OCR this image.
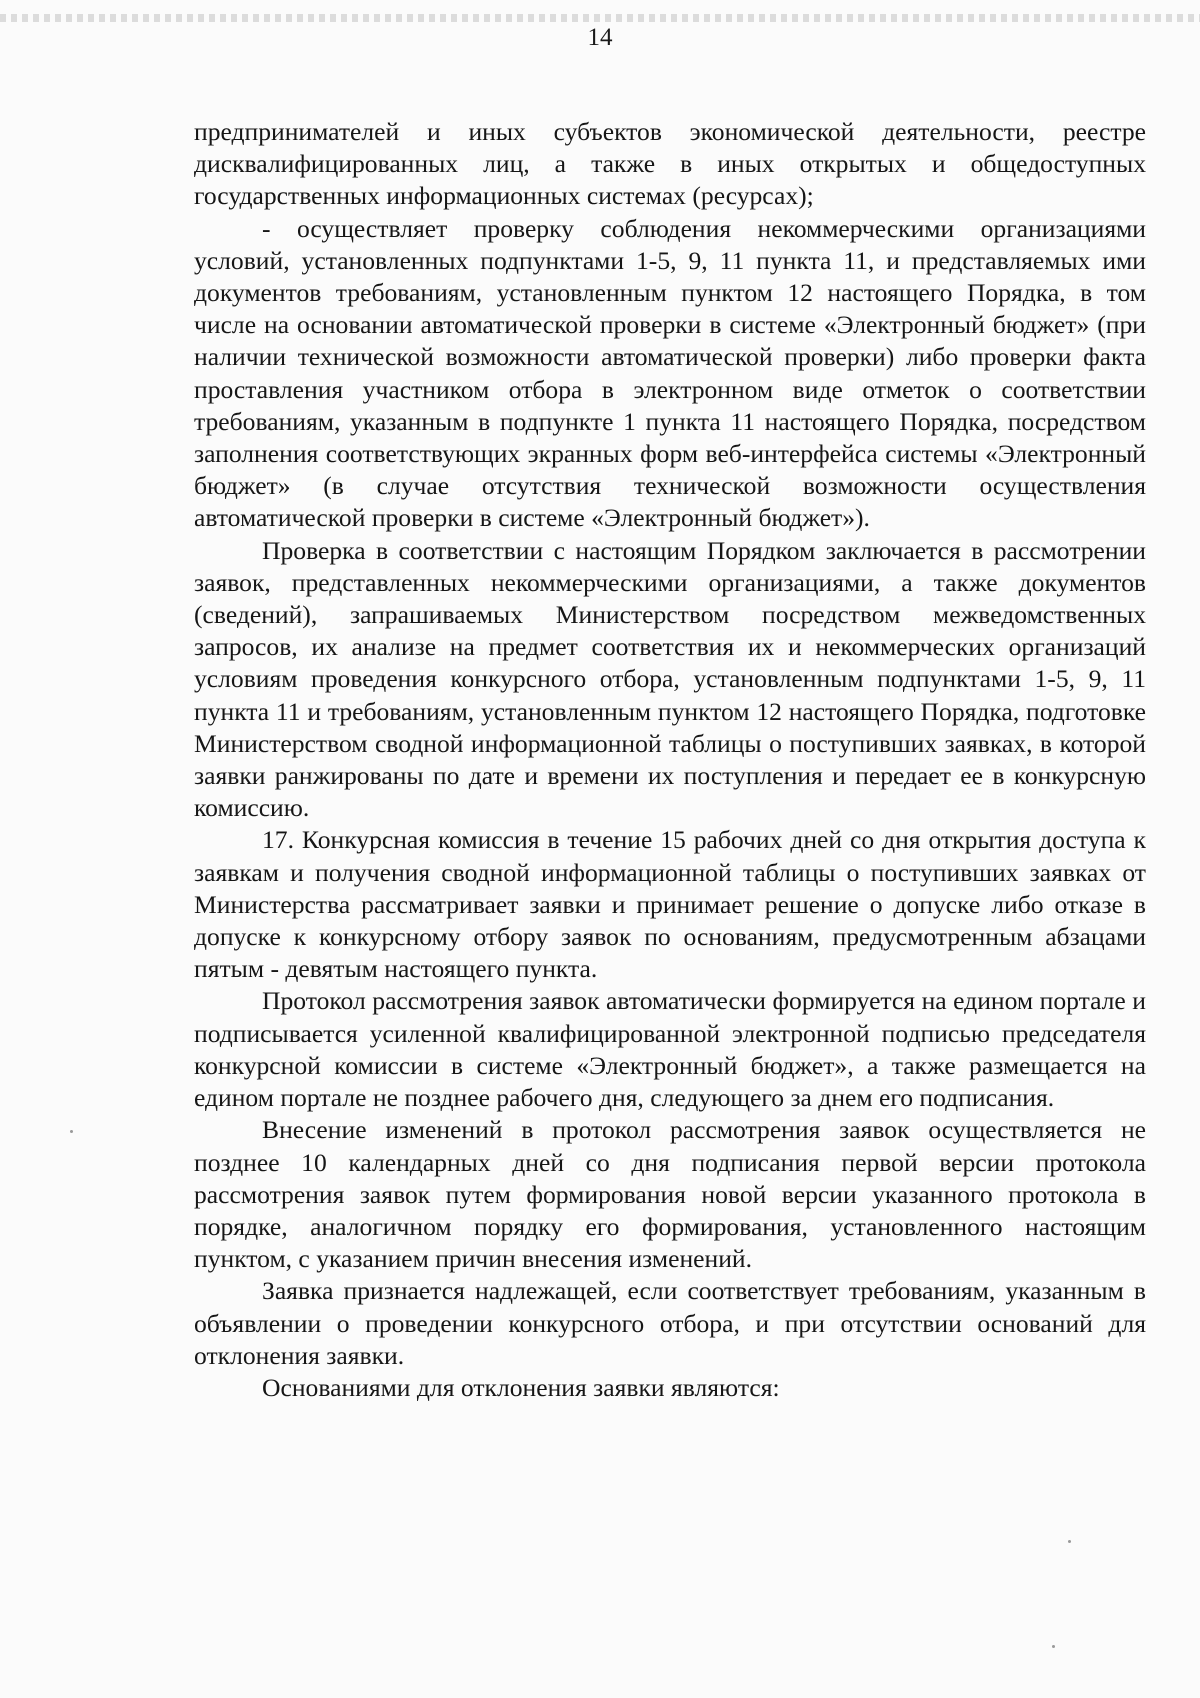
14

предпринимателей и иных субъектов экономической деятельности, реестре дисквалифицированных лиц, а также в иных открытых и общедоступных государственных информационных системах (ресурсах);

- осуществляет проверку соблюдения некоммерческими организациями условий, установленных подпунктами 1-5, 9, 11 пункта 11, и представляемых ими документов требованиям, установленным пунктом 12 настоящего Порядка, в том числе на основании автоматической проверки в системе «Электронный бюджет» (при наличии технической возможности автоматической проверки) либо проверки факта проставления участником отбора в электронном виде отметок о соответствии требованиям, указанным в подпункте 1 пункта 11 настоящего Порядка, посредством заполнения соответствующих экранных форм веб-интерфейса системы «Электронный бюджет» (в случае отсутствия технической возможности осуществления автоматической проверки в системе «Электронный бюджет»).

Проверка в соответствии с настоящим Порядком заключается в рассмотрении заявок, представленных некоммерческими организациями, а также документов (сведений), запрашиваемых Министерством посредством межведомственных запросов, их анализе на предмет соответствия их и некоммерческих организаций условиям проведения конкурсного отбора, установленным подпунктами 1-5, 9, 11 пункта 11 и требованиям, установленным пунктом 12 настоящего Порядка, подготовке Министерством сводной информационной таблицы о поступивших заявках, в которой заявки ранжированы по дате и времени их поступления и передает ее в конкурсную комиссию.

17. Конкурсная комиссия в течение 15 рабочих дней со дня открытия доступа к заявкам и получения сводной информационной таблицы о поступивших заявках от Министерства рассматривает заявки и принимает решение о допуске либо отказе в допуске к конкурсному отбору заявок по основаниям, предусмотренным абзацами пятым - девятым настоящего пункта.

Протокол рассмотрения заявок автоматически формируется на едином портале и подписывается усиленной квалифицированной электронной подписью председателя конкурсной комиссии в системе «Электронный бюджет», а также размещается на едином портале не позднее рабочего дня, следующего за днем его подписания.

Внесение изменений в протокол рассмотрения заявок осуществляется не позднее 10 календарных дней со дня подписания первой версии протокола рассмотрения заявок путем формирования новой версии указанного протокола в порядке, аналогичном порядку его формирования, установленного настоящим пунктом, с указанием причин внесения изменений.

Заявка признается надлежащей, если соответствует требованиям, указанным в объявлении о проведении конкурсного отбора, и при отсутствии оснований для отклонения заявки.

Основаниями для отклонения заявки являются:
